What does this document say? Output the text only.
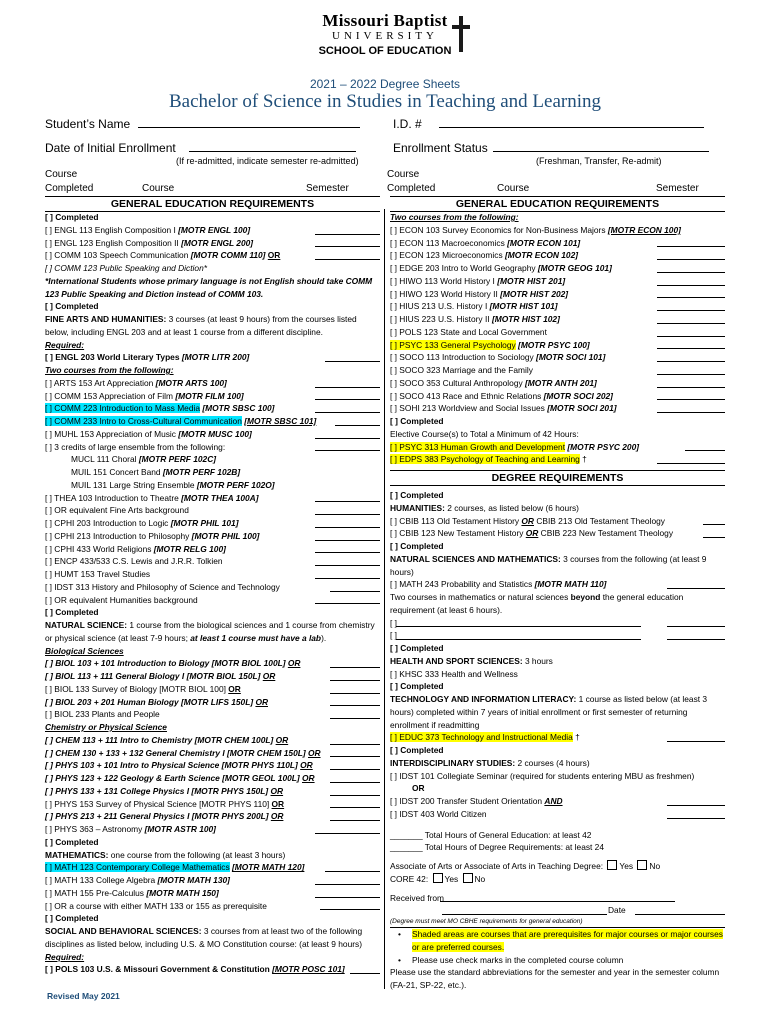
Missouri Baptist
UNIVERSITY
SCHOOL OF EDUCATION
2021 – 2022 Degree Sheets
Bachelor of Science in Studies in Teaching and Learning
Student’s Name	I.D. #
Date of Initial Enrollment
(If re-admitted, indicate semester re-admitted)
Enrollment Status
(Freshman, Transfer, Re-admit)
Course
Completed	Course	Semester
Course
Completed	Course	Semester
GENERAL EDUCATION REQUIREMENTS	GENERAL EDUCATION REQUIREMENTS
[ ] Completed
[ ] ENGL 113 English Composition I [MOTR ENGL 100]
[ ] ENGL 123 English Composition II [MOTR ENGL 200]
[ ] COMM 103 Speech Communication [MOTR COMM 110] OR
[ ] COMM 123 Public Speaking and Diction*
*International Students whose primary language is not English should take COMM 123 Public Speaking and Diction instead of COMM 103.
[ ] Completed
FINE ARTS AND HUMANITIES: 3 courses (at least 9 hours) from the courses listed below, including ENGL 203 and at least 1 course from a different discipline.
Required:
[ ] ENGL 203 World Literary Types [MOTR LITR 200]
Two courses from the following:
[ ] ARTS 153 Art Appreciation [MOTR ARTS 100]
[ ] COMM 153 Appreciation of Film [MOTR FILM 100]
[ ] COMM 223 Introduction to Mass Media [MOTR SBSC 100]
[ ] COMM 233 Intro to Cross-Cultural Communication [MOTR SBSC 101]
[ ] MUHL 153 Appreciation of Music [MOTR MUSC 100]
[ ] 3 credits of large ensemble from the following:
MUCL 111 Choral [MOTR PERF 102C]
MUIL 151 Concert Band [MOTR PERF 102B]
MUIL 131 Large String Ensemble [MOTR PERF 102O]
[ ] THEA 103 Introduction to Theatre [MOTR THEA 100A]
[ ] OR equivalent Fine Arts background
[ ] CPHI 203 Introduction to Logic [MOTR PHIL 101]
[ ] CPHI 213 Introduction to Philosophy [MOTR PHIL 100]
[ ] CPHI 433 World Religions [MOTR RELG 100]
[ ] ENCP 433/533 C.S. Lewis and J.R.R. Tolkien
[ ] HUMT 153 Travel Studies
[ ] IDST 313 History and Philosophy of Science and Technology
[ ] OR equivalent Humanities background
[ ] Completed
NATURAL SCIENCE: 1 course from the biological sciences and 1 course from chemistry or physical science (at least 7-9 hours; at least 1 course must have a lab).
Biological Sciences
[ ] BIOL 103 + 101 Introduction to Biology [MOTR BIOL 100L] OR
[ ] BIOL 113 + 111 General Biology I [MOTR BIOL 150L] OR
[ ] BIOL 133 Survey of Biology [MOTR BIOL 100] OR
[ ] BIOL 203 + 201 Human Biology [MOTR LIFS 150L] OR
[ ] BIOL 233 Plants and People
Chemistry or Physical Science
[ ] CHEM 113 + 111 Intro to Chemistry [MOTR CHEM 100L] OR
[ ] CHEM 130 + 133 + 132 General Chemistry I [MOTR CHEM 150L] OR
[ ] PHYS 103 + 101 Intro to Physical Science [MOTR PHYS 110L] OR
[ ] PHYS 123 + 122 Geology & Earth Science [MOTR GEOL 100L] OR
[ ] PHYS 133 + 131 College Physics I [MOTR PHYS 150L] OR
[ ] PHYS 153 Survey of Physical Science [MOTR PHYS 110] OR
[ ] PHYS 213 + 211 General Physics I [MOTR PHYS 200L] OR
[ ] PHYS 363 – Astronomy [MOTR ASTR 100]
[ ] Completed
MATHEMATICS: one course from the following (at least 3 hours)
[ ] MATH 123 Contemporary College Mathematics [MOTR MATH 120]
[ ] MATH 133 College Algebra [MOTR MATH 130]
[ ] MATH 155 Pre-Calculus [MOTR MATH 150]
[ ] OR a course with either MATH 133 or 155 as prerequisite
[ ] Completed
SOCIAL AND BEHAVIORAL SCIENCES: 3 courses from at least two of the following disciplines as listed below, including U.S. & MO Constitution course: (at least 9 hours)
Required:
[ ] POLS 103 U.S. & Missouri Government & Constitution [MOTR POSC 101]
Revised May 2021
Two courses from the following:
[ ] ECON 103 Survey Economics for Non-Business Majors [MOTR ECON 100]
[ ] ECON 113 Macroeconomics [MOTR ECON 101]
[ ] ECON 123 Microeconomics [MOTR ECON 102]
[ ] EDGE 203 Intro to World Geography [MOTR GEOG 101]
[ ] HIWO 113 World History I [MOTR HIST 201]
[ ] HIWO 123 World History II [MOTR HIST 202]
[ ] HIUS 213 U.S. History I [MOTR HIST 101]
[ ] HIUS 223 U.S. History II [MOTR HIST 102]
[ ] POLS 123 State and Local Government
[ ] PSYC 133 General Psychology [MOTR PSYC 100]
[ ] SOCO 113 Introduction to Sociology [MOTR SOCI 101]
[ ] SOCO 323 Marriage and the Family
[ ] SOCO 353 Cultural Anthropology [MOTR ANTH 201]
[ ] SOCO 413 Race and Ethnic Relations [MOTR SOCI 202]
[ ] SOHI 213 Worldview and Social Issues [MOTR SOCI 201]
[ ] Completed
Elective Course(s) to Total a Minimum of 42 Hours:
[ ] PSYC 313 Human Growth and Development [MOTR PSYC 200]
[ ] EDPS 383 Psychology of Teaching and Learning †
DEGREE REQUIREMENTS
[ ] Completed
HUMANITIES: 2 courses, as listed below (6 hours)
[ ] CBIB 113 Old Testament History OR CBIB 213 Old Testament Theology
[ ] CBIB 123 New Testament History OR CBIB 223 New Testament Theology
[ ] Completed
NATURAL SCIENCES AND MATHEMATICS: 3 courses from the following (at least 9 hours)
[ ] MATH 243 Probability and Statistics [MOTR MATH 110]
Two courses in mathematics or natural sciences beyond the general education requirement (at least 6 hours).
[ ]
[ ]
[ ] Completed
HEALTH AND SPORT SCIENCES: 3 hours
[ ] KHSC 333 Health and Wellness
[ ] Completed
TECHNOLOGY AND INFORMATION LITERACY: 1 course as listed below (at least 3 hours) completed within 7 years of initial enrollment or first semester of returning enrollment if readmitting
[ ] EDUC 373 Technology and Instructional Media †
[ ] Completed
INTERDISCIPLINARY STUDIES: 2 courses (4 hours)
[ ] IDST 101 Collegiate Seminar (required for students entering MBU as freshmen)
OR
[ ] IDST 200 Transfer Student Orientation AND
[ ] IDST 403 World Citizen
_______ Total Hours of General Education: at least 42
_______ Total Hours of Degree Requirements: at least 24
Associate of Arts or Associate of Arts in Teaching Degree: Yes No
CORE 42: Yes No
Received from
Date
(Degree must meet MO CBHE requirements for general education)
• Shaded areas are courses that are prerequisites for major courses or major courses or are preferred courses.
• Please use check marks in the completed course column
Please use the standard abbreviations for the semester and year in the semester column (FA-21, SP-22, etc.).
